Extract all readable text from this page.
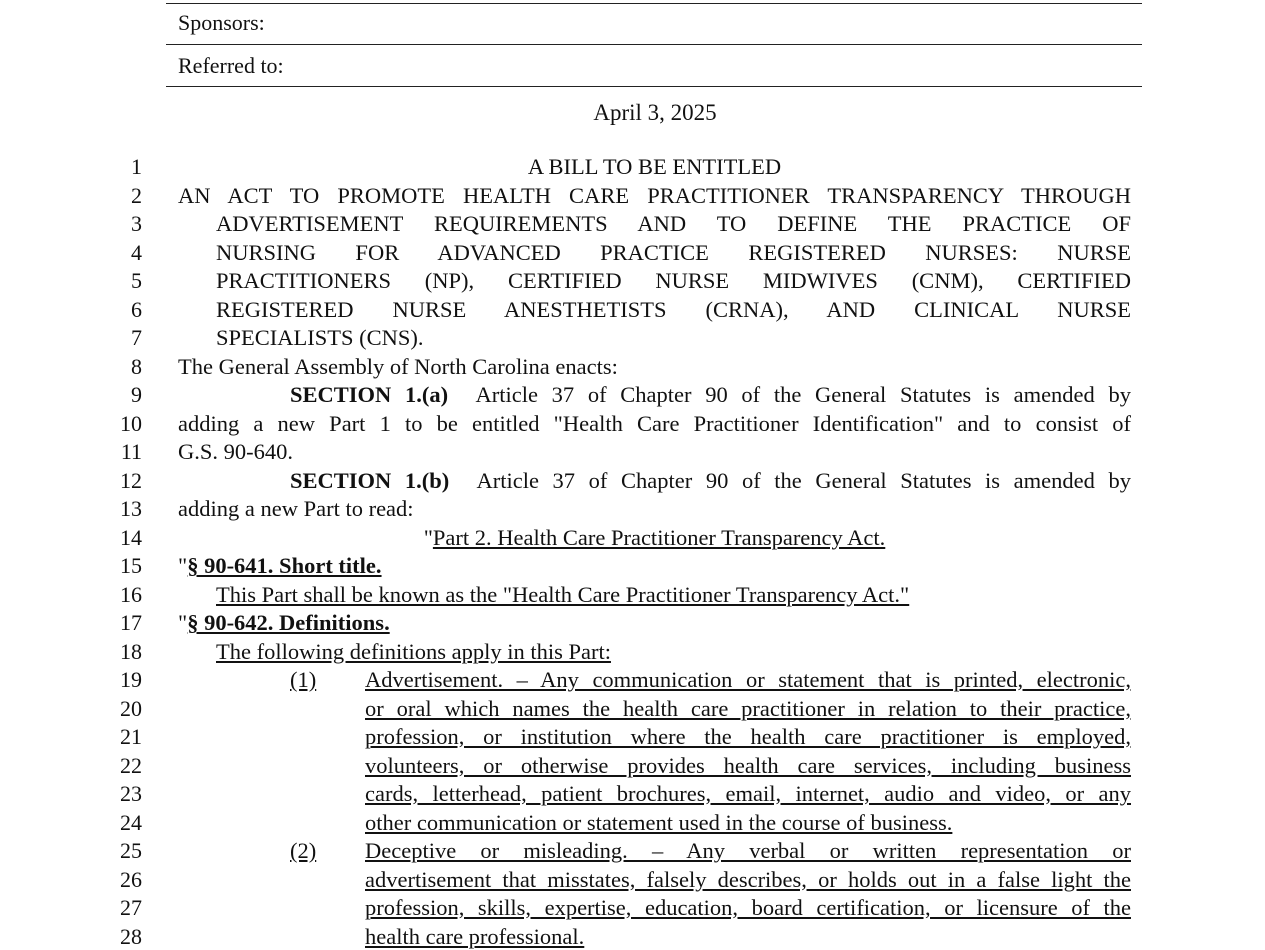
Sponsors:
Referred to:
April 3, 2025
1
2
3
4
5
6
7
8
9
10
11
12
13
14
15
16
17
18
19
20
21
22
23
24
25
26
27
28
A BILL TO BE ENTITLED
AN ACT TO PROMOTE HEALTH CARE PRACTITIONER TRANSPARENCY THROUGH
ADVERTISEMENT REQUIREMENTS AND TO DEFINE THE PRACTICE OF
NURSING FOR ADVANCED PRACTICE REGISTERED NURSES: NURSE
PRACTITIONERS (NP), CERTIFIED NURSE MIDWIVES (CNM), CERTIFIED
REGISTERED NURSE ANESTHETISTS (CRNA), AND CLINICAL NURSE
SPECIALISTS (CNS).
The General Assembly of North Carolina enacts:
SECTION 1.(a) Article 37 of Chapter 90 of the General Statutes is amended by
adding a new Part 1 to be entitled "Health Care Practitioner Identification" and to consist of
G.S. 90-640.
SECTION 1.(b) Article 37 of Chapter 90 of the General Statutes is amended by
adding a new Part to read:
"Part 2. Health Care Practitioner Transparency Act.
"§ 90-641. Short title.
This Part shall be known as the "Health Care Practitioner Transparency Act."
"§ 90-642. Definitions.
The following definitions apply in this Part:
(1) Advertisement. – Any communication or statement that is printed, electronic,
or oral which names the health care practitioner in relation to their practice,
profession, or institution where the health care practitioner is employed,
volunteers, or otherwise provides health care services, including business
cards, letterhead, patient brochures, email, internet, audio and video, or any
other communication or statement used in the course of business.
(2) Deceptive or misleading. – Any verbal or written representation or
advertisement that misstates, falsely describes, or holds out in a false light the
profession, skills, expertise, education, board certification, or licensure of the
health care professional.
